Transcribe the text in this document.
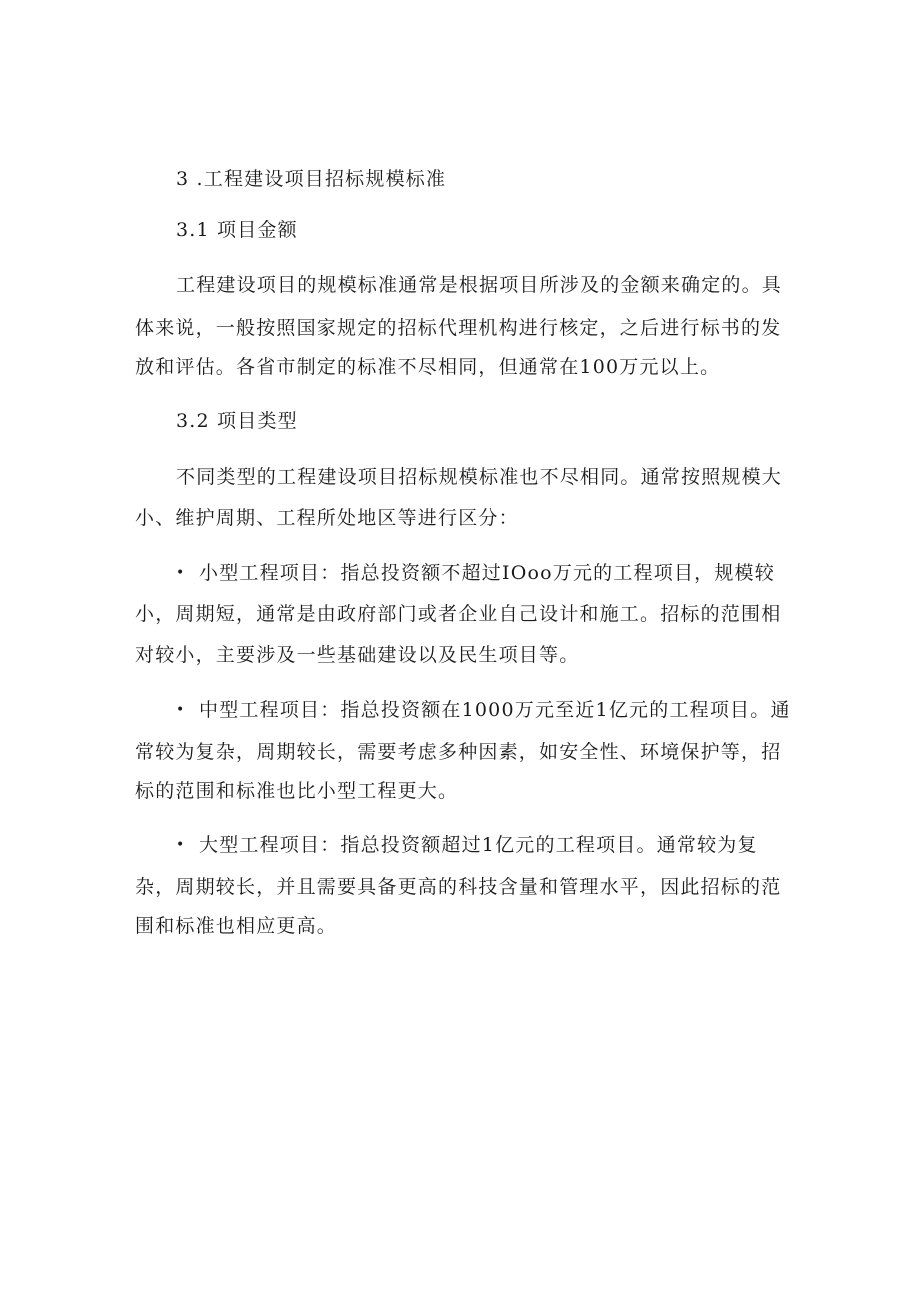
3 .工程建设项目招标规模标准
3.1 项目金额
工程建设项目的规模标准通常是根据项目所涉及的金额来确定的。具
体来说，一般按照国家规定的招标代理机构进行核定，之后进行标书的发
放和评估。各省市制定的标准不尽相同，但通常在100万元以上。
3.2 项目类型
不同类型的工程建设项目招标规模标准也不尽相同。通常按照规模大
小、维护周期、工程所处地区等进行区分：
• 小型工程项目：指总投资额不超过IOoo万元的工程项目，规模较
小，周期短，通常是由政府部门或者企业自己设计和施工。招标的范围相
对较小，主要涉及一些基础建设以及民生项目等。
• 中型工程项目：指总投资额在1000万元至近1亿元的工程项目。通
常较为复杂，周期较长，需要考虑多种因素，如安全性、环境保护等，招
标的范围和标准也比小型工程更大。
• 大型工程项目：指总投资额超过1亿元的工程项目。通常较为复
杂，周期较长，并且需要具备更高的科技含量和管理水平，因此招标的范
围和标准也相应更高。
